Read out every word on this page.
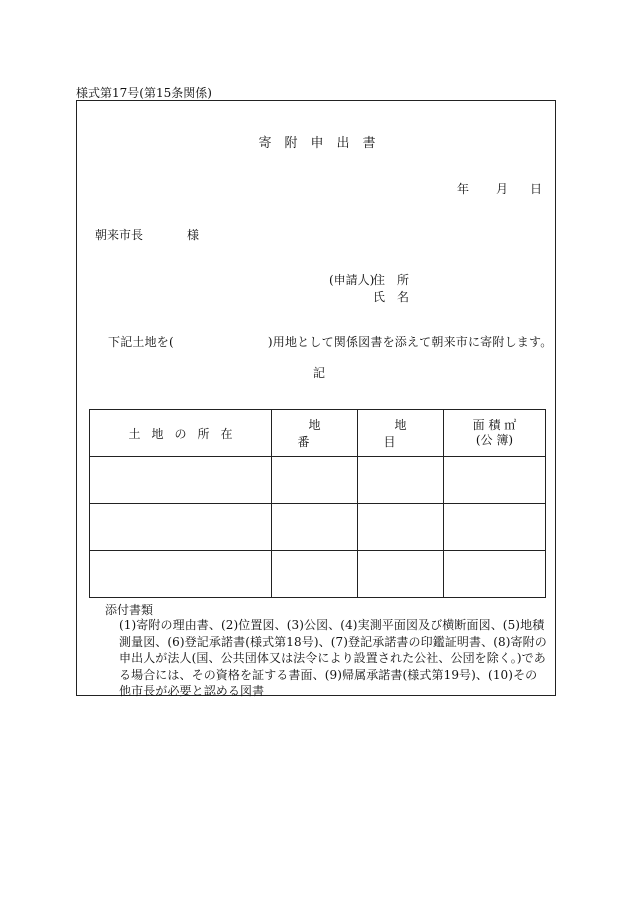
様式第17号(第15条関係)
寄附申出書
年 月 日
朝来市長	様
(申請人)
住　所
氏　名
下記土地を(	)用地として関係図書を添えて朝来市に寄附します。
記
土地の所在	地番	地目	面 積 ㎡
(公 簿)

添付書類
(1)寄附の理由書、(2)位置図、(3)公図、(4)実測平面図及び横断面図、(5)地積測量図、(6)登記承諾書(様式第18号)、(7)登記承諾書の印鑑証明書、(8)寄附の申出人が法人(国、公共団体又は法令により設置された公社、公団を除く。)である場合には、その資格を証する書面、(9)帰属承諾書(様式第19号)、(10)その他市長が必要と認める図書
